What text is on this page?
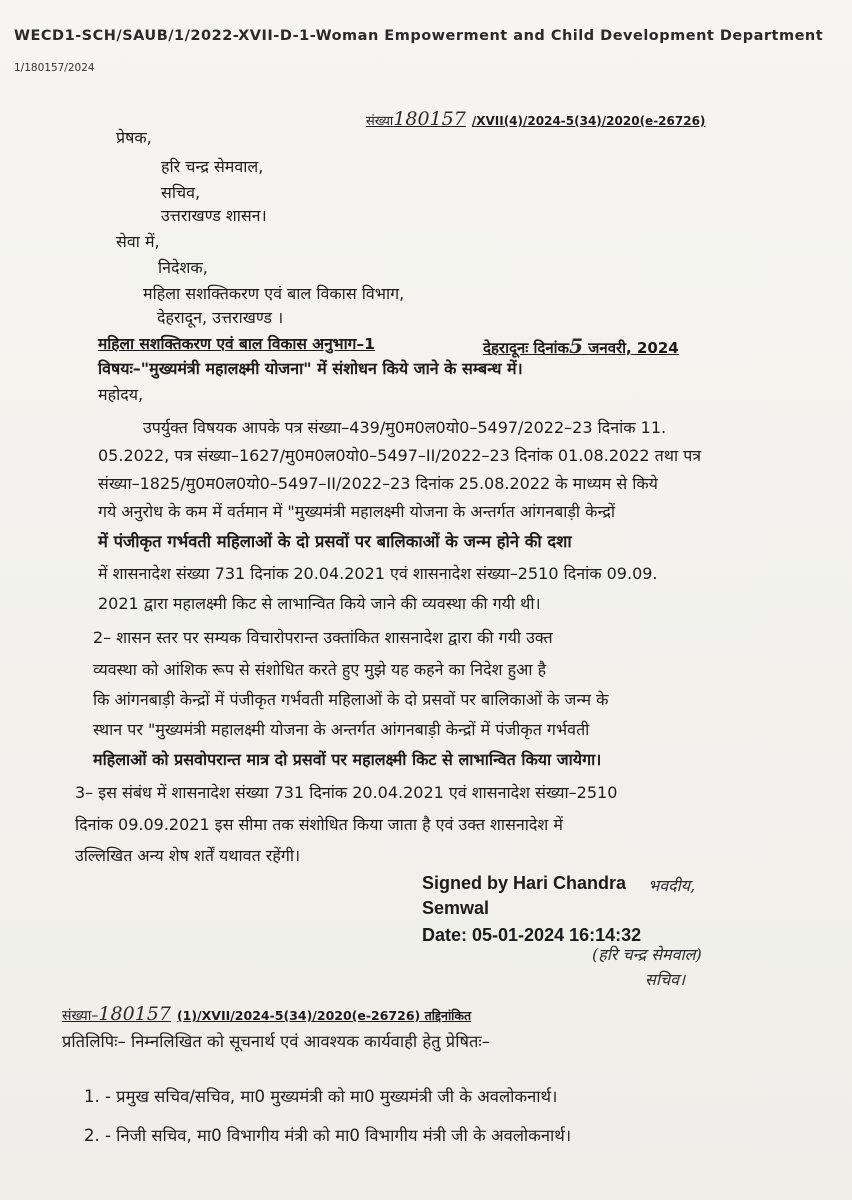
WECD1-SCH/SAUB/1/2022-XVII-D-1-Woman Empowerment and Child Development Department
1/180157/2024
संख्या180157 /XVII(4)/2024-5(34)/2020(e-26726)
प्रेषक,
हरि चन्द्र सेमवाल,
सचिव,
उत्तराखण्ड शासन।
सेवा में,
निदेशक,
महिला सशक्तिकरण एवं बाल विकास विभाग,
देहरादून, उत्तराखण्ड ।
महिला सशक्तिकरण एवं बाल विकास अनुभाग–1	देहरादूनः दिनांक5 जनवरी, 2024
विषयः–"मुख्यमंत्री महालक्ष्मी योजना" में संशोधन किये जाने के सम्बन्ध में।
महोदय,
उपर्युक्त विषयक आपके पत्र संख्या–439/मु0म0ल0यो0–5497/2022–23 दिनांक 11.
05.2022, पत्र संख्या–1627/मु0म0ल0यो0–5497–II/2022–23 दिनांक 01.08.2022 तथा पत्र
संख्या–1825/मु0म0ल0यो0–5497–II/2022–23 दिनांक 25.08.2022 के माध्यम से किये
गये अनुरोध के कम में वर्तमान में "मुख्यमंत्री महालक्ष्मी योजना के अन्तर्गत आंगनबाड़ी केन्द्रों
में पंजीकृत गर्भवती महिलाओं के दो प्रसवों पर बालिकाओं के जन्म होने की दशा
में शासनादेश संख्या 731 दिनांक 20.04.2021 एवं शासनादेश संख्या–2510 दिनांक 09.09.
2021 द्वारा महालक्ष्मी किट से लाभान्वित किये जाने की व्यवस्था की गयी थी।
2– शासन स्तर पर सम्यक विचारोपरान्त उक्तांकित शासनादेश द्वारा की गयी उक्त
व्यवस्था को आंशिक रूप से संशोधित करते हुए मुझे यह कहने का निदेश हुआ है
कि आंगनबाड़ी केन्द्रों में पंजीकृत गर्भवती महिलाओं के दो प्रसवों पर बालिकाओं के जन्म के
स्थान पर "मुख्यमंत्री महालक्ष्मी योजना के अन्तर्गत आंगनबाड़ी केन्द्रों में पंजीकृत गर्भवती
महिलाओं को प्रसवोपरान्त मात्र दो प्रसवों पर महालक्ष्मी किट से लाभान्वित किया जायेगा।
3– इस संबंध में शासनादेश संख्या 731 दिनांक 20.04.2021 एवं शासनादेश संख्या–2510
दिनांक 09.09.2021 इस सीमा तक संशोधित किया जाता है एवं उक्त शासनादेश में
उल्लिखित अन्य शेष शर्तें यथावत रहेंगी।
Signed by Hari Chandra भवदीय,
Semwal
Date: 05-01-2024 16:14:32
(हरि चन्द्र सेमवाल)
सचिव।
संख्या–180157 (1)/XVII/2024-5(34)/2020(e-26726) तद्दिनांकित
प्रतिलिपिः– निम्नलिखित को सूचनार्थ एवं आवश्यक कार्यवाही हेतु प्रेषितः–
1. - प्रमुख सचिव/सचिव, मा0 मुख्यमंत्री को मा0 मुख्यमंत्री जी के अवलोकनार्थ।
2. - निजी सचिव, मा0 विभागीय मंत्री को मा0 विभागीय मंत्री जी के अवलोकनार्थ।
